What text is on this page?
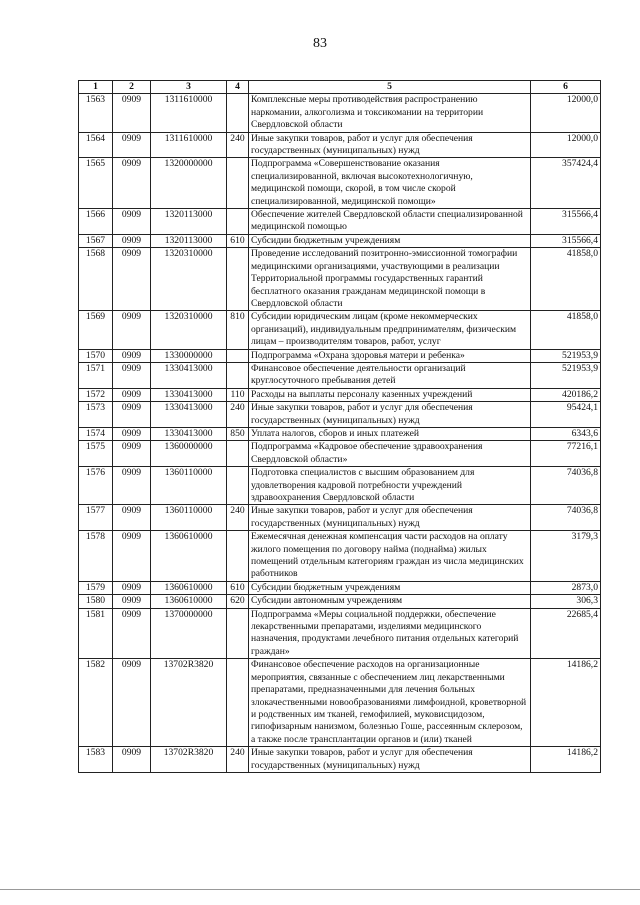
83
1	2	3	4	5	6
1563	0909	1311610000		Комплексные меры противодействия распространению наркомании, алкоголизма и токсикомании на территории Свердловской области	12000,0
1564	0909	1311610000	240	Иные закупки товаров, работ и услуг для обеспечения государственных (муниципальных) нужд	12000,0
1565	0909	1320000000		Подпрограмма «Совершенствование оказания специализированной, включая высокотехнологичную, медицинской помощи, скорой, в том числе скорой специализированной, медицинской помощи»	357424,4
1566	0909	1320113000		Обеспечение жителей Свердловской области специализированной медицинской помощью	315566,4
1567	0909	1320113000	610	Субсидии бюджетным учреждениям	315566,4
1568	0909	1320310000		Проведение исследований позитронно-эмиссионной томографии медицинскими организациями, участвующими в реализации Территориальной программы государственных гарантий бесплатного оказания гражданам медицинской помощи в Свердловской области	41858,0
1569	0909	1320310000	810	Субсидии юридическим лицам (кроме некоммерческих организаций), индивидуальным предпринимателям, физическим лицам – производителям товаров, работ, услуг	41858,0
1570	0909	1330000000		Подпрограмма «Охрана здоровья матери и ребенка»	521953,9
1571	0909	1330413000		Финансовое обеспечение деятельности организаций круглосуточного пребывания детей	521953,9
1572	0909	1330413000	110	Расходы на выплаты персоналу казенных учреждений	420186,2
1573	0909	1330413000	240	Иные закупки товаров, работ и услуг для обеспечения государственных (муниципальных) нужд	95424,1
1574	0909	1330413000	850	Уплата налогов, сборов и иных платежей	6343,6
1575	0909	1360000000		Подпрограмма «Кадровое обеспечение здравоохранения Свердловской области»	77216,1
1576	0909	1360110000		Подготовка специалистов с высшим образованием для удовлетворения кадровой потребности учреждений здравоохранения Свердловской области	74036,8
1577	0909	1360110000	240	Иные закупки товаров, работ и услуг для обеспечения государственных (муниципальных) нужд	74036,8
1578	0909	1360610000		Ежемесячная денежная компенсация части расходов на оплату жилого помещения по договору найма (поднайма) жилых помещений отдельным категориям граждан из числа медицинских работников	3179,3
1579	0909	1360610000	610	Субсидии бюджетным учреждениям	2873,0
1580	0909	1360610000	620	Субсидии автономным учреждениям	306,3
1581	0909	1370000000		Подпрограмма «Меры социальной поддержки, обеспечение лекарственными препаратами, изделиями медицинского назначения, продуктами лечебного питания отдельных категорий граждан»	22685,4
1582	0909	13702R3820		Финансовое обеспечение расходов на организационные мероприятия, связанные с обеспечением лиц лекарственными препаратами, предназначенными для лечения больных злокачественными новообразованиями лимфоидной, кроветворной и родственных им тканей, гемофилией, муковисцидозом, гипофизарным нанизмом, болезнью Гоше, рассеянным склерозом, а также после трансплантации органов и (или) тканей	14186,2
1583	0909	13702R3820	240	Иные закупки товаров, работ и услуг для обеспечения государственных (муниципальных) нужд	14186,2
